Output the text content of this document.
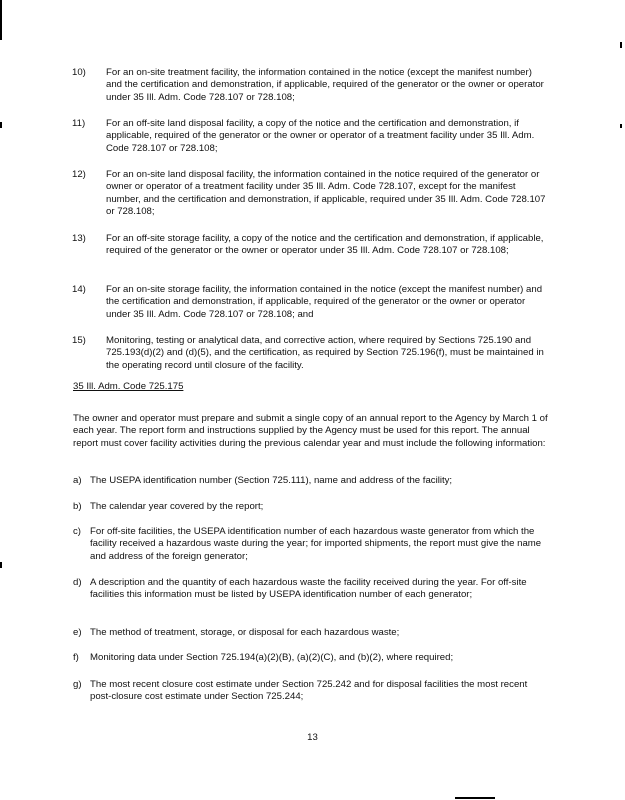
10) For an on-site treatment facility, the information contained in the notice (except the manifest number) and the certification and demonstration, if applicable, required of the generator or the owner or operator under 35 Ill. Adm. Code 728.107 or 728.108;
11) For an off-site land disposal facility, a copy of the notice and the certification and demonstration, if applicable, required of the generator or the owner or operator of a treatment facility under 35 Ill. Adm. Code 728.107 or 728.108;
12) For an on-site land disposal facility, the information contained in the notice required of the generator or owner or operator of a treatment facility under 35 Ill. Adm. Code 728.107, except for the manifest number, and the certification and demonstration, if applicable, required under 35 Ill. Adm. Code 728.107 or 728.108;
13) For an off-site storage facility, a copy of the notice and the certification and demonstration, if applicable, required of the generator or the owner or operator under 35 Ill. Adm. Code 728.107 or 728.108;
14) For an on-site storage facility, the information contained in the notice (except the manifest number) and the certification and demonstration, if applicable, required of the generator or the owner or operator under 35 Ill. Adm. Code 728.107 or 728.108; and
15) Monitoring, testing or analytical data, and corrective action, where required by Sections 725.190 and 725.193(d)(2) and (d)(5), and the certification, as required by Section 725.196(f), must be maintained in the operating record until closure of the facility.

35 Ill. Adm. Code 725.175

The owner and operator must prepare and submit a single copy of an annual report to the Agency by March 1 of each year. The report form and instructions supplied by the Agency must be used for this report. The annual report must cover facility activities during the previous calendar year and must include the following information:

a) The USEPA identification number (Section 725.111), name and address of the facility;
b) The calendar year covered by the report;
c) For off-site facilities, the USEPA identification number of each hazardous waste generator from which the facility received a hazardous waste during the year; for imported shipments, the report must give the name and address of the foreign generator;
d) A description and the quantity of each hazardous waste the facility received during the year. For off-site facilities this information must be listed by USEPA identification number of each generator;
e) The method of treatment, storage, or disposal for each hazardous waste;
f)	Monitoring data under Section 725.194(a)(2)(B), (a)(2)(C), and (b)(2), where required;
g) The most recent closure cost estimate under Section 725.242 and for disposal facilities the most recent post-closure cost estimate under Section 725.244;

13
